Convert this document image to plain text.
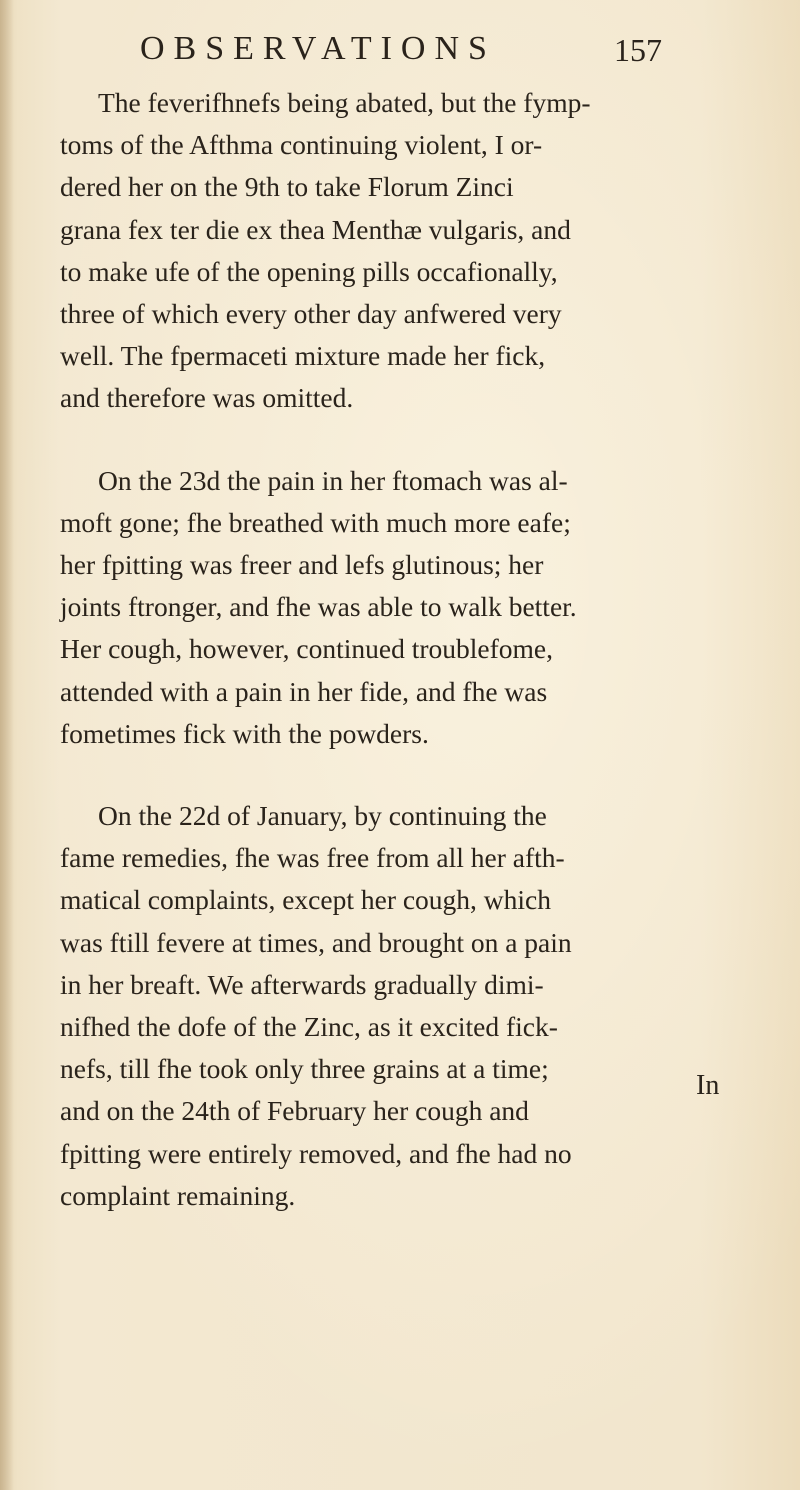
OBSERVATIONS	157

The feverifhnefs being abated, but the fymp-
toms of the Afthma continuing violent, I or-
dered her on the 9th to take Florum Zinci
grana fex ter die ex thea Menthæ vulgaris, and
to make ufe of the opening pills occafionally,
three of which every other day anfwered very
well. The fpermaceti mixture made her fick,
and therefore was omitted.

On the 23d the pain in her ftomach was al-
moft gone; fhe breathed with much more eafe;
her fpitting was freer and lefs glutinous; her
joints ftronger, and fhe was able to walk better.
Her cough, however, continued troublefome,
attended with a pain in her fide, and fhe was
fometimes fick with the powders.

On the 22d of January, by continuing the
fame remedies, fhe was free from all her afth-
matical complaints, except her cough, which
was ftill fevere at times, and brought on a pain
in her breaft. We afterwards gradually dimi-
nifhed the dofe of the Zinc, as it excited fick-
nefs, till fhe took only three grains at a time;
and on the 24th of February her cough and
fpitting were entirely removed, and fhe had no
complaint remaining.

In
